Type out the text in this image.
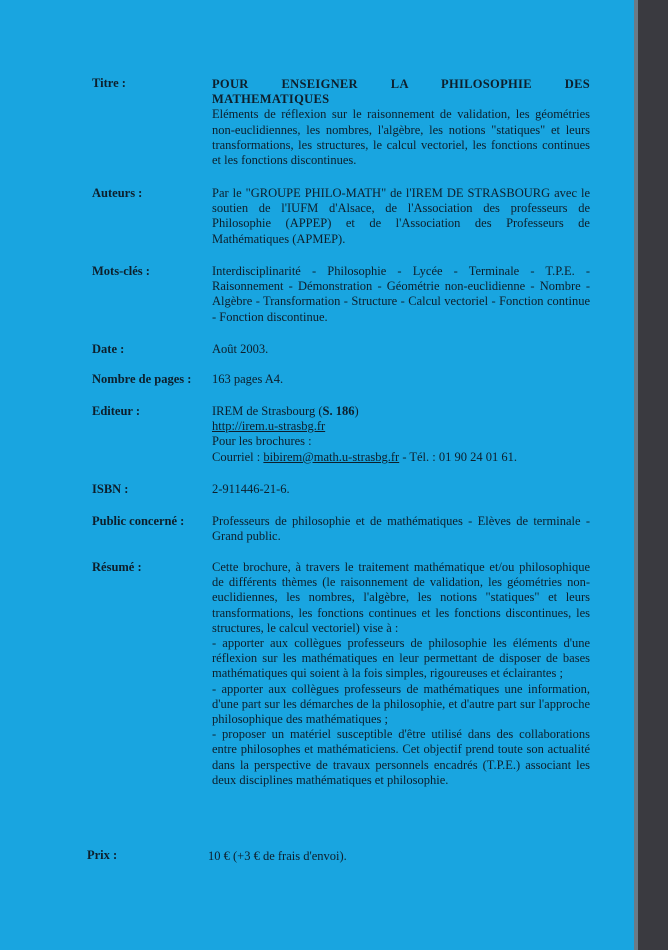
Titre :	POUR ENSEIGNER LA PHILOSOPHIE DES
MATHEMATIQUES
Eléments de réflexion sur le raisonnement de validation, les géométries non-euclidiennes, les nombres, l'algèbre, les notions "statiques" et leurs transformations, les structures, le calcul vectoriel, les fonctions continues et les fonctions discontinues.
Auteurs :	Par le "GROUPE PHILO-MATH" de l'IREM DE STRASBOURG avec le soutien de l'IUFM d'Alsace, de l'Association des professeurs de Philosophie (APPEP) et de l'Association des Professeurs de Mathématiques (APMEP).
Mots-clés :	Interdisciplinarité - Philosophie - Lycée - Terminale - T.P.E. - Raisonnement - Démonstration - Géométrie non-euclidienne - Nombre - Algèbre - Transformation - Structure - Calcul vectoriel - Fonction continue - Fonction discontinue.
Date :	Août 2003.
Nombre de pages : 163 pages A4.
Editeur :	IREM de Strasbourg (S. 186)
http://irem.u-strasbg.fr
Pour les brochures :
Courriel : bibirem@math.u-strasbg.fr - Tél. : 01 90 24 01 61.
ISBN :	2-911446-21-6.
Public concerné : Professeurs de philosophie et de mathématiques - Elèves de terminale - Grand public.
Résumé :	Cette brochure, à travers le traitement mathématique et/ou philosophique de différents thèmes (le raisonnement de validation, les géométries non-euclidiennes, les nombres, l'algèbre, les notions "statiques" et leurs transformations, les fonctions continues et les fonctions discontinues, les structures, le calcul vectoriel) vise à :
- apporter aux collègues professeurs de philosophie les éléments d'une réflexion sur les mathématiques en leur permettant de disposer de bases mathématiques qui soient à la fois simples, rigoureuses et éclairantes ;
- apporter aux collègues professeurs de mathématiques une information, d'une part sur les démarches de la philosophie, et d'autre part sur l'approche philosophique des mathématiques ;
- proposer un matériel susceptible d'être utilisé dans des collaborations entre philosophes et mathématiciens. Cet objectif prend toute son actualité dans la perspective de travaux personnels encadrés (T.P.E.) associant les deux disciplines mathématiques et philosophie.
Prix :	10 € (+3 € de frais d'envoi).
